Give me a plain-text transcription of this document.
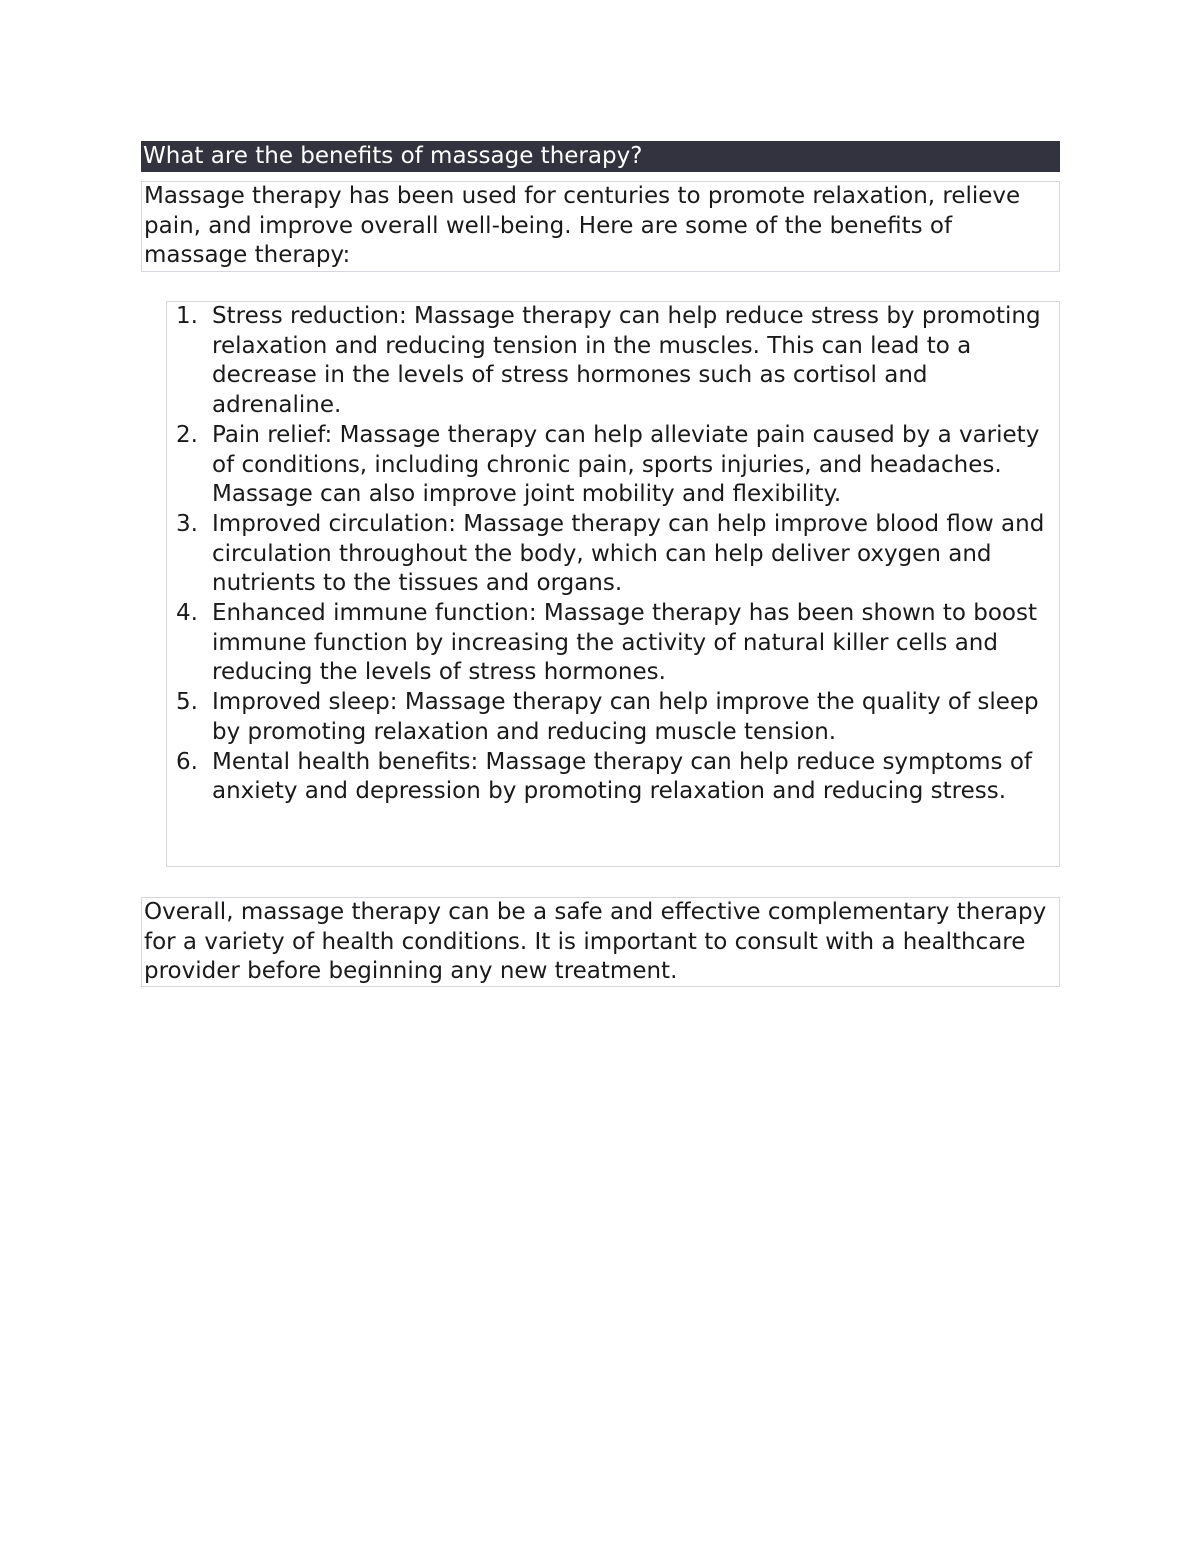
What are the benefits of massage therapy?
Massage therapy has been used for centuries to promote relaxation, relieve pain, and improve overall well-being. Here are some of the benefits of massage therapy:
1. Stress reduction: Massage therapy can help reduce stress by promoting relaxation and reducing tension in the muscles. This can lead to a decrease in the levels of stress hormones such as cortisol and adrenaline.
2. Pain relief: Massage therapy can help alleviate pain caused by a variety of conditions, including chronic pain, sports injuries, and headaches. Massage can also improve joint mobility and flexibility.
3. Improved circulation: Massage therapy can help improve blood flow and circulation throughout the body, which can help deliver oxygen and nutrients to the tissues and organs.
4. Enhanced immune function: Massage therapy has been shown to boost immune function by increasing the activity of natural killer cells and reducing the levels of stress hormones.
5. Improved sleep: Massage therapy can help improve the quality of sleep by promoting relaxation and reducing muscle tension.
6. Mental health benefits: Massage therapy can help reduce symptoms of anxiety and depression by promoting relaxation and reducing stress.
Overall, massage therapy can be a safe and effective complementary therapy for a variety of health conditions. It is important to consult with a healthcare provider before beginning any new treatment.
